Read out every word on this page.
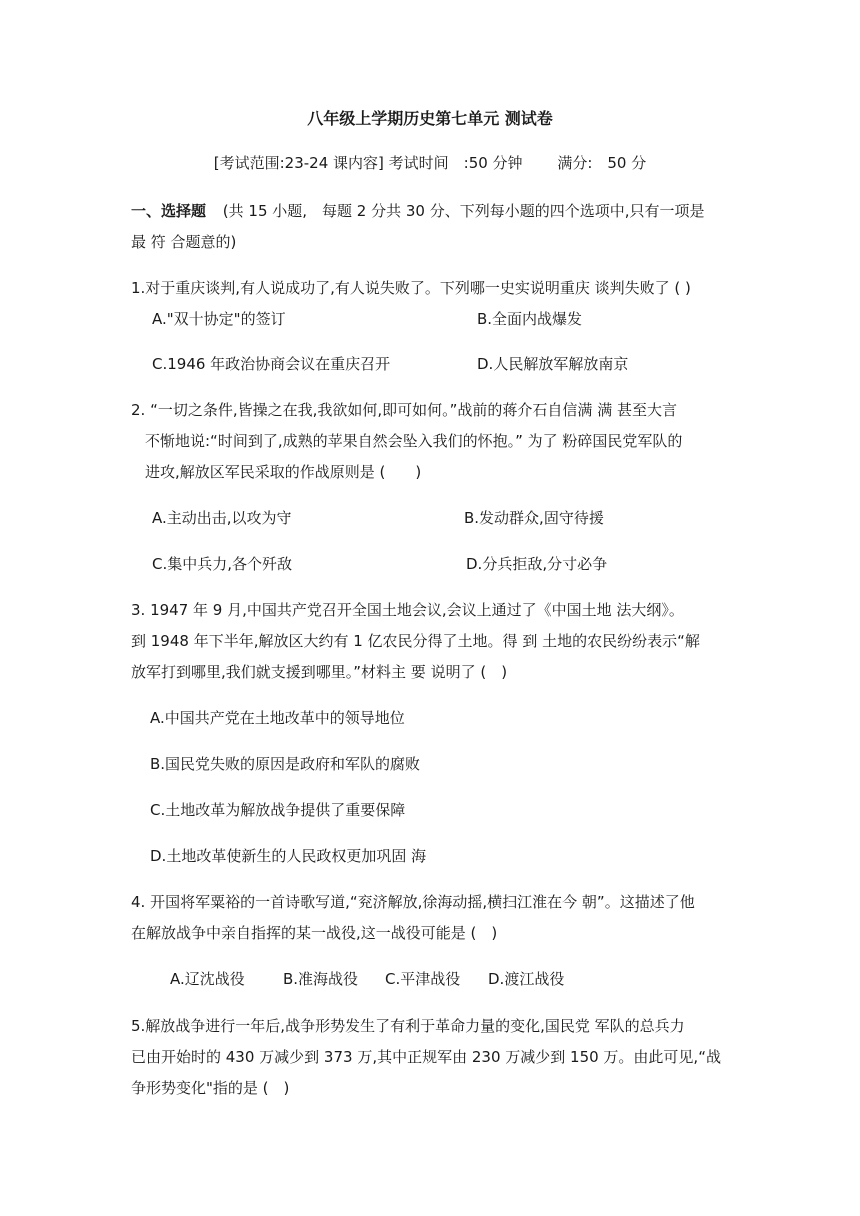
八年级上学期历史第七单元 测试卷
[考试范围:23-24 课内容] 考试时间　:50 分钟　　 满分:　50 分
一、选择题 (共 15 小题,　每题 2 分共 30 分、下列每小题的四个选项中,只有一项是
最 符 合题意的)
1.对于重庆谈判,有人说成功了,有人说失败了。下列哪一史实说明重庆 谈判失败了 ( )
A."双十协定"的签订	B.全面内战爆发
C.1946 年政治协商会议在重庆召开	D.人民解放军解放南京
2. “一切之条件,皆操之在我,我欲如何,即可如何。”战前的蒋介石自信满 满 甚至大言
不惭地说:“时间到了,成熟的苹果自然会坠入我们的怀抱。” 为了 粉碎国民党军队的
进攻,解放区军民采取的作战原则是 (　　)
A.主动出击,以攻为守	B.发动群众,固守待援
C.集中兵力,各个歼敌	D.分兵拒敌,分寸必争
3. 1947 年 9 月,中国共产党召开全国土地会议,会议上通过了《中国土地 法大纲》。
到 1948 年下半年,解放区大约有 1 亿农民分得了土地。得 到 土地的农民纷纷表示“解
放军打到哪里,我们就支援到哪里。”材料主 要 说明了 (　)
A.中国共产党在土地改革中的领导地位
B.国民党失败的原因是政府和军队的腐败
C.土地改革为解放战争提供了重要保障
D.土地改革使新生的人民政权更加巩固 海
4. 开国将军粟裕的一首诗歌写道,“兖济解放,徐海动摇,横扫江淮在今 朝”。这描述了他
在解放战争中亲自指挥的某一战役,这一战役可能是 (　)
A.辽沈战役	B.准海战役 C.平津战役 D.渡江战役
5.解放战争进行一年后,战争形势发生了有利于革命力量的变化,国民党 军队的总兵力
已由开始时的 430 万减少到 373 万,其中正规军由 230 万减少到 150 万。由此可见,“战
争形势变化"指的是 (　)
